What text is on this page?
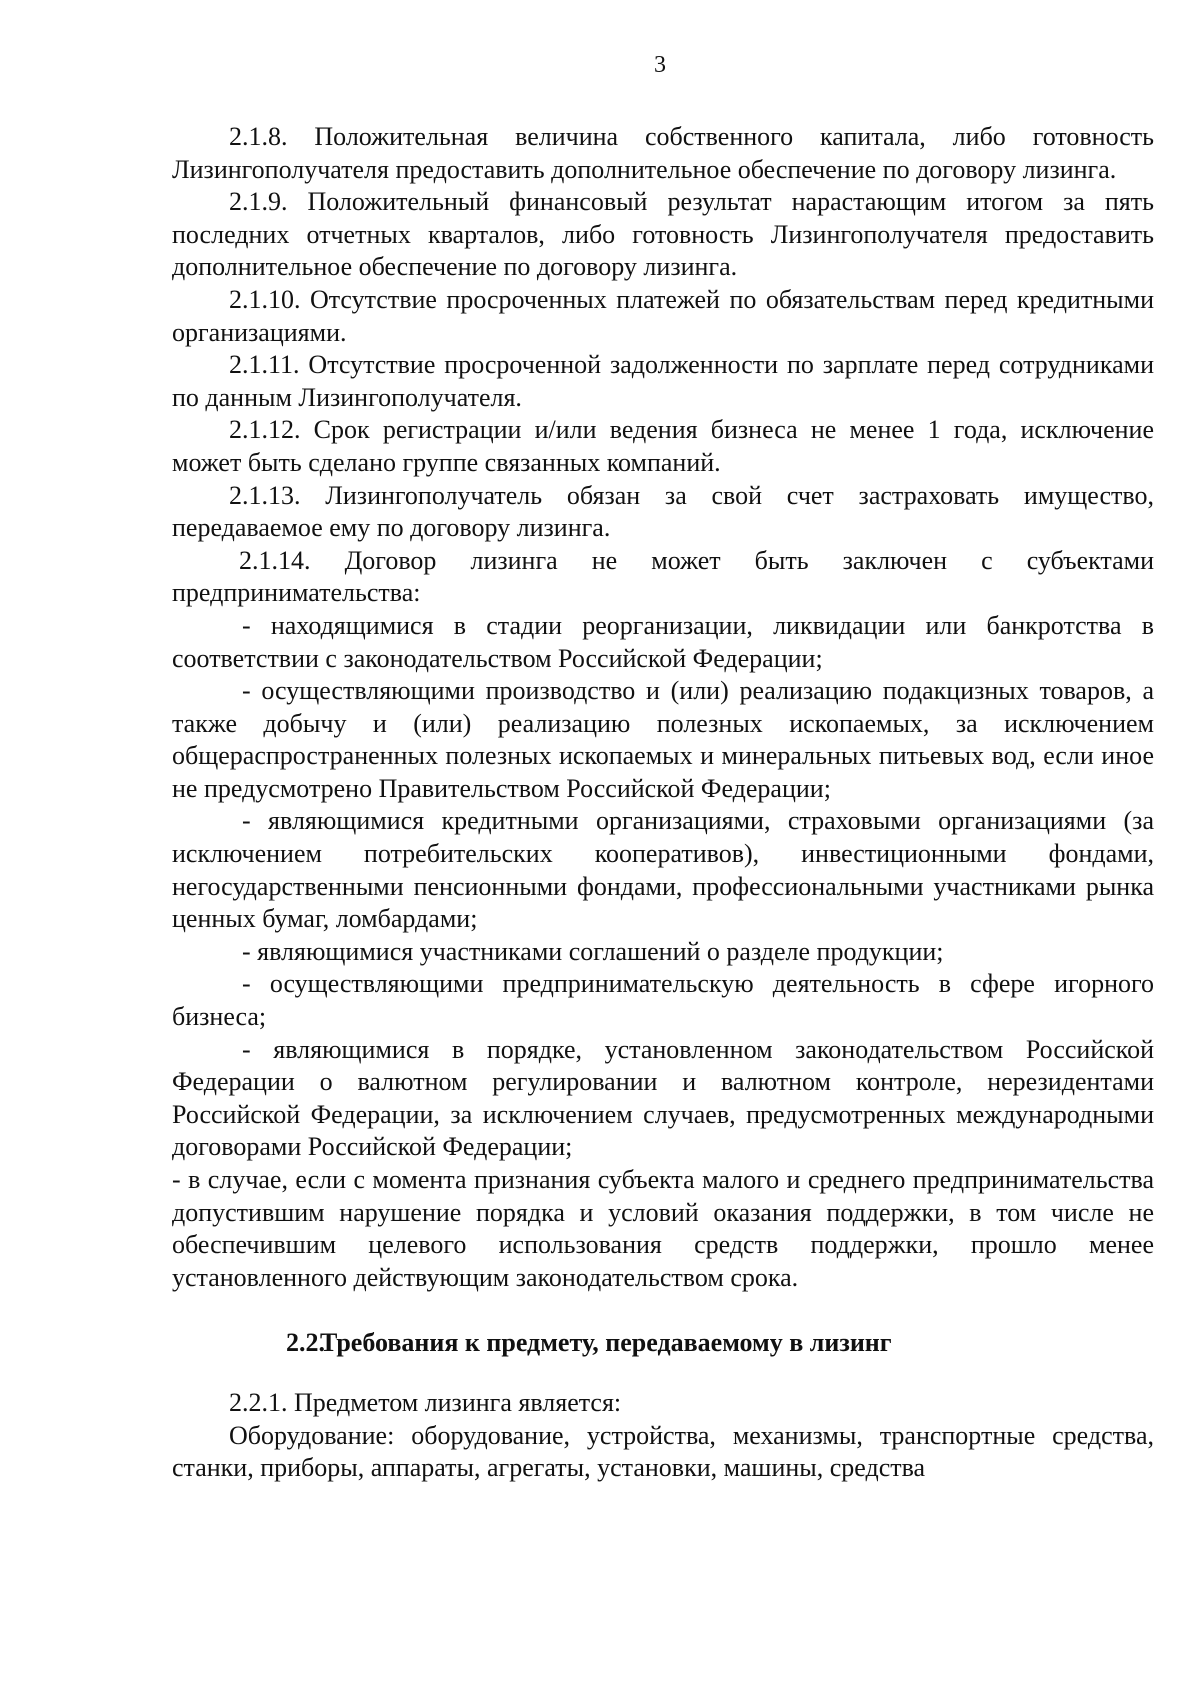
3

2.1.8. Положительная величина собственного капитала, либо готовность Лизингополучателя предоставить дополнительное обеспечение по договору лизинга.

2.1.9. Положительный финансовый результат нарастающим итогом за пять последних отчетных кварталов, либо готовность Лизингополучателя предоставить дополнительное обеспечение по договору лизинга.

2.1.10. Отсутствие просроченных платежей по обязательствам перед кредитными организациями.

2.1.11. Отсутствие просроченной задолженности по зарплате перед сотрудниками по данным Лизингополучателя.

2.1.12. Срок регистрации и/или ведения бизнеса не менее 1 года, исключение может быть сделано группе связанных компаний.

2.1.13. Лизингополучатель обязан за свой счет застраховать имущество, передаваемое ему по договору лизинга.

2.1.14. Договор лизинга не может быть заключен с субъектами предпринимательства:

- находящимися в стадии реорганизации, ликвидации или банкротства в соответствии с законодательством Российской Федерации;

- осуществляющими производство и (или) реализацию подакцизных товаров, а также добычу и (или) реализацию полезных ископаемых, за исключением общераспространенных полезных ископаемых и минеральных питьевых вод, если иное не предусмотрено Правительством Российской Федерации;

- являющимися кредитными организациями, страховыми организациями (за исключением потребительских кооперативов), инвестиционными фондами, негосударственными пенсионными фондами, профессиональными участниками рынка ценных бумаг, ломбардами;

- являющимися участниками соглашений о разделе продукции;

- осуществляющими предпринимательскую деятельность в сфере игорного бизнеса;

- являющимися в порядке, установленном законодательством Российской Федерации о валютном регулировании и валютном контроле, нерезидентами Российской Федерации, за исключением случаев, предусмотренных международными договорами Российской Федерации;

- в случае, если с момента признания субъекта малого и среднего предпринимательства допустившим нарушение порядка и условий оказания поддержки, в том числе не обеспечившим целевого использования средств поддержки, прошло менее установленного действующим законодательством срока.

2.2.Требования к предмету, передаваемому в лизинг

2.2.1. Предметом лизинга является:

Оборудование: оборудование, устройства, механизмы, транспортные средства, станки, приборы, аппараты, агрегаты, установки, машины, средства
